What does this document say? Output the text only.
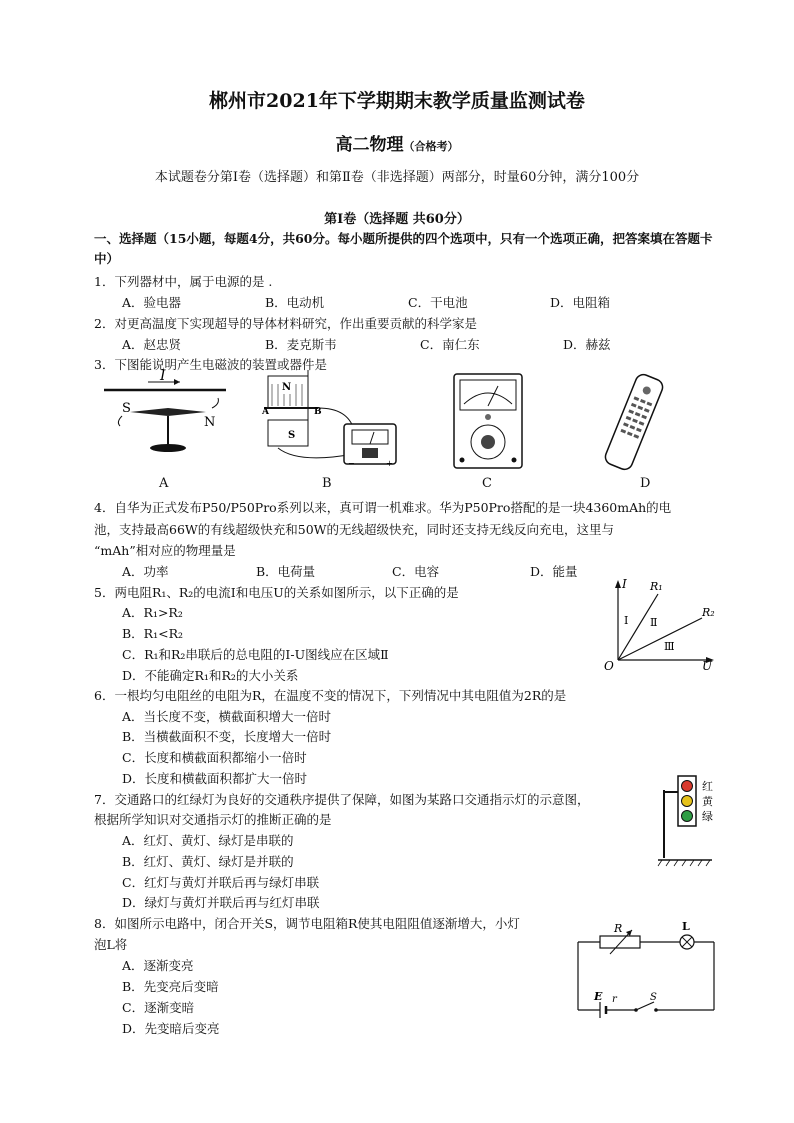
郴州市2021年下学期期末教学质量监测试卷
高二物理（合格考）
本试题卷分第Ⅰ卷（选择题）和第Ⅱ卷（非选择题）两部分，时量60分钟，满分100分
第Ⅰ卷（选择题 共60分）
一、选择题（15小题，每题4分，共60分。每小题所提供的四个选项中，只有一个选项正确，把答案填在答题卡中）
1．下列器材中，属于电源的是 .
A．验电器	B．电动机	C．干电池	D．电阻箱
2．对更高温度下实现超导的导体材料研究，作出重要贡献的科学家是
A．赵忠贤	B．麦克斯韦	C．南仁东	D．赫兹
3．下图能说明产生电磁波的装置或器件是
I
S
N
N
A	B
S
−	+
A	B	C	D
4．自华为正式发布P50/P50Pro系列以来，真可谓一机难求。华为P50Pro搭配的是一块4360mAh的电
池，支持最高66W的有线超级快充和50W的无线超级快充，同时还支持无线反向充电，这里与
“mAh”相对应的物理量是
A．功率	B．电荷量	C．电容	D．能量
5．两电阻R₁、R₂的电流I和电压U的关系如图所示，以下正确的是
A．R₁>R₂
B．R₁<R₂
C．R₁和R₂串联后的总电阻的I-U图线应在区域Ⅱ
D．不能确定R₁和R₂的大小关系
I
U
O
R₁
R₂
Ⅰ Ⅱ
Ⅲ
6．一根均匀电阻丝的电阻为R，在温度不变的情况下，下列情况中其电阻值为2R的是
A．当长度不变，横截面积增大一倍时
B．当横截面积不变，长度增大一倍时
C．长度和横截面积都缩小一倍时
D．长度和横截面积都扩大一倍时
7．交通路口的红绿灯为良好的交通秩序提供了保障，如图为某路口交通指示灯的示意图，
根据所学知识对交通指示灯的推断正确的是
A．红灯、黄灯、绿灯是串联的
B．红灯、黄灯、绿灯是并联的
C．红灯与黄灯并联后再与绿灯串联
D．绿灯与黄灯并联后再与红灯串联
红
黄
绿
8．如图所示电路中，闭合开关S，调节电阻箱R使其电阻阻值逐渐增大，小灯
泡L将
A．逐渐变亮
B．先变亮后变暗
C．逐渐变暗
D．先变暗后变亮
R	L
E r	S
